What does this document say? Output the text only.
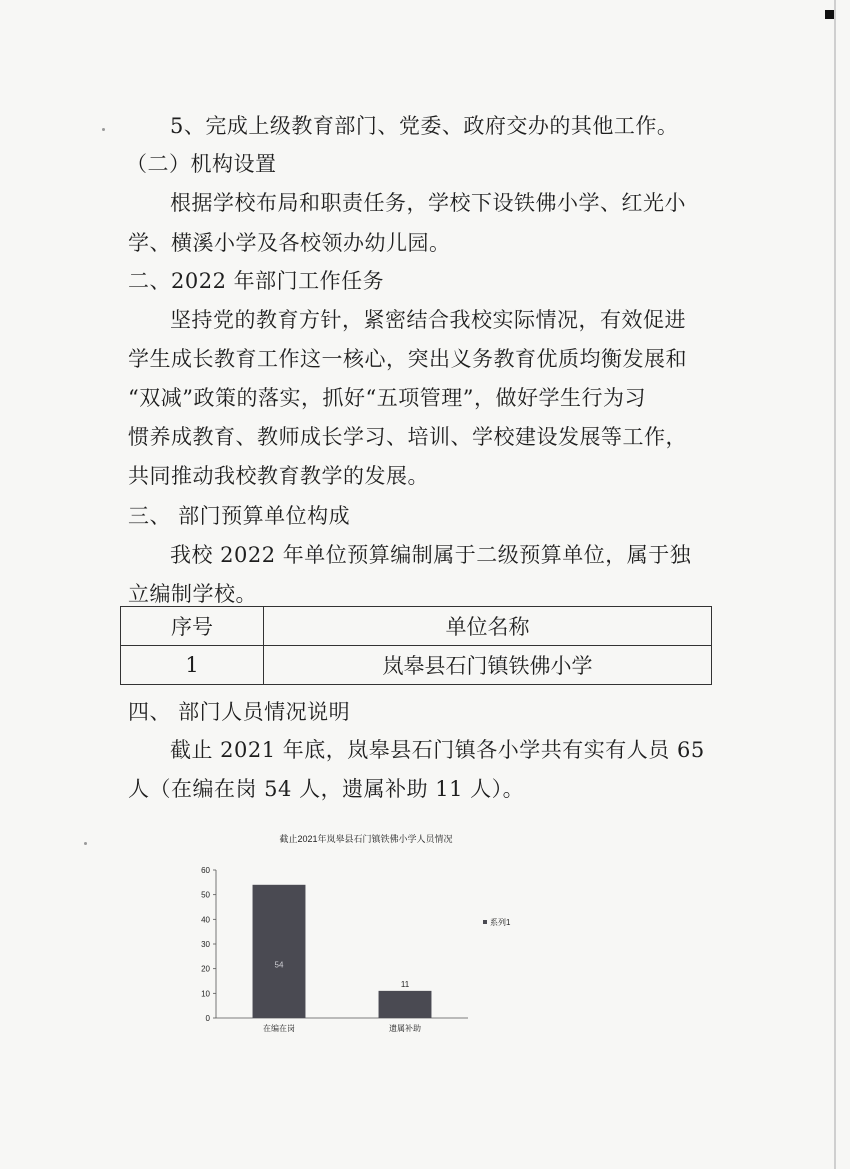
5、完成上级教育部门、党委、政府交办的其他工作。
（二）机构设置
根据学校布局和职责任务，学校下设铁佛小学、红光小
学、横溪小学及各校领办幼儿园。
二、2022 年部门工作任务
坚持党的教育方针，紧密结合我校实际情况，有效促进
学生成长教育工作这一核心，突出义务教育优质均衡发展和
“双减”政策的落实，抓好“五项管理”，做好学生行为习
惯养成教育、教师成长学习、培训、学校建设发展等工作，
共同推动我校教育教学的发展。
三、 部门预算单位构成
我校 2022 年单位预算编制属于二级预算单位，属于独
立编制学校。
序号	单位名称
1	岚皋县石门镇铁佛小学
四、 部门人员情况说明
截止 2021 年底，岚皋县石门镇各小学共有实有人员 65
人（在编在岗 54 人，遗属补助 11 人）。
截止2021年岚皋县石门镇铁佛小学人员情况
0
10
20
30
40
50
60
54
11
在编在岗	遗属补助
系列1
